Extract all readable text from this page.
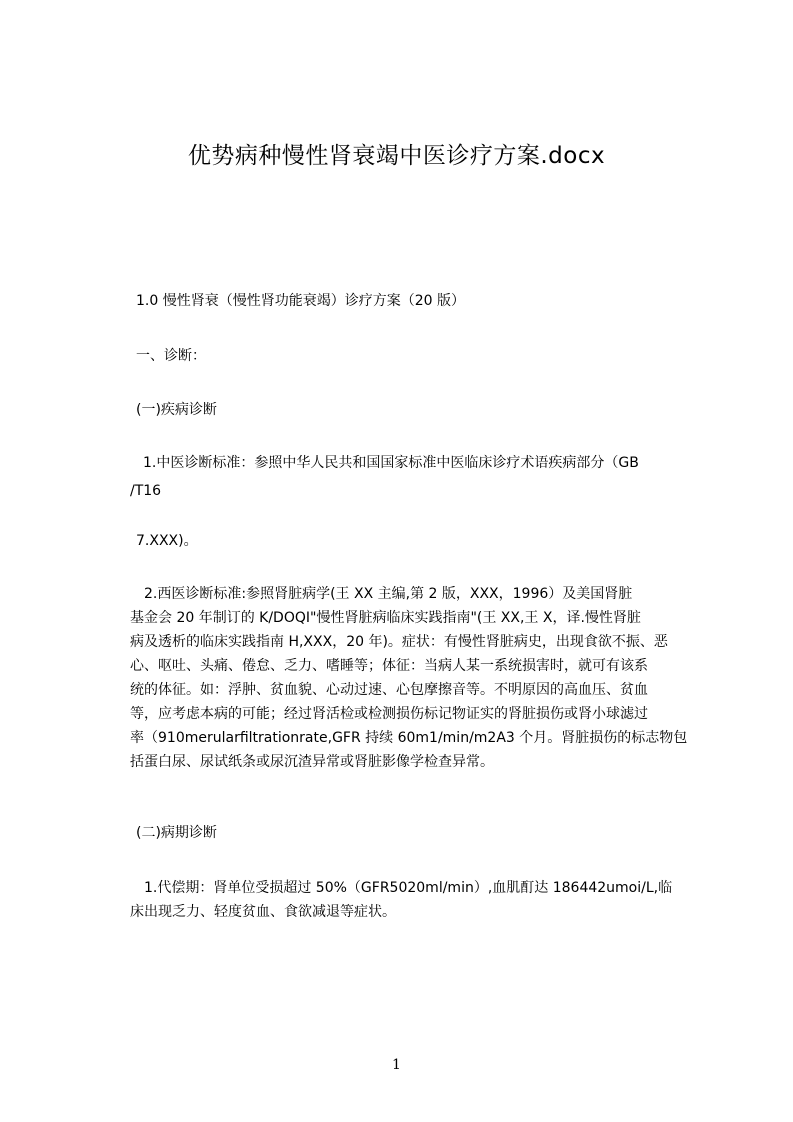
优势病种慢性肾衰竭中医诊疗方案.docx
1.0 慢性肾衰（慢性肾功能衰竭）诊疗方案（20 版）
一、诊断：
(一)疾病诊断
1.中医诊断标准：参照中华人民共和国国家标准中医临床诊疗术语疾病部分（GB
/T16
7.XXX)。
2.西医诊断标准:参照肾脏病学(王 XX 主编,第 2 版，XXX，1996）及美国肾脏
基金会 20 年制订的 K/DOQI"慢性肾脏病临床实践指南"(王 XX,王 X，译.慢性肾脏
病及透析的临床实践指南 H,XXX，20 年)。症状：有慢性肾脏病史，出现食欲不振、恶
心、呕吐、头痛、倦怠、乏力、嗜睡等；体征：当病人某一系统损害时，就可有该系
统的体征。如：浮肿、贫血貌、心动过速、心包摩擦音等。不明原因的高血压、贫血
等，应考虑本病的可能；经过肾活检或检测损伤标记物证实的肾脏损伤或肾小球滤过
率（910merularfiltrationrate,GFR 持续 60m1/min/m2A3 个月。肾脏损伤的标志物包
括蛋白尿、尿试纸条或尿沉渣异常或肾脏影像学检查异常。
(二)病期诊断
1.代偿期：肾单位受损超过 50%（GFR5020ml/min）,血肌酊达 186442umoi/L,临
床出现乏力、轻度贫血、食欲减退等症状。
1
